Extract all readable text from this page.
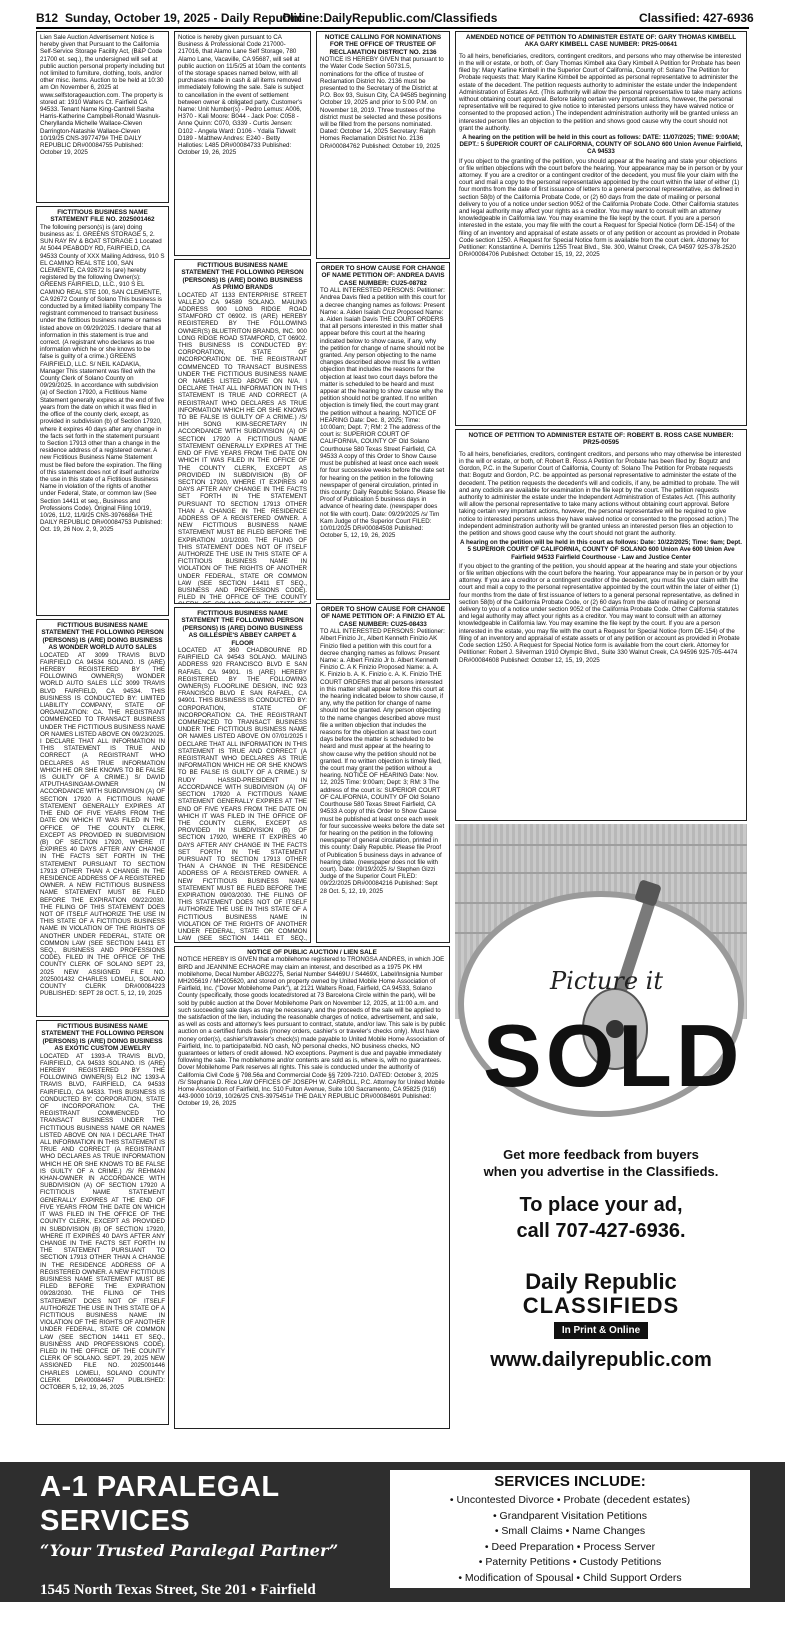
B12 Sunday, October 19, 2025 - Daily Republic
Online:DailyRepublic.com/Classifieds	Classified: 427-6936

Lien Sale Auction Advertisement Notice is hereby given that Pursuant to the California Self-Service Storage Facility Act, (B&P Code 21700 et. seq.), the undersigned will sell at public auction personal property including but not limited to furniture, clothing, tools, and/or other misc. items. Auction to be held at 10:30 am On November 6, 2025 at www.selfstorageauction.com. The property is stored at: 1910 Walters Ct. Fairfield CA 94533. Tenant Name King-Cantrell Sasha Harris-Katherine Campbell-Ronald Wasnuk-Cheryllanda Michelle Wallace-Cleven Darrington-Natashie Wallace-Cleven 10/19/25 CNS-3977479# THE DAILY REPUBLIC DR#00084755 Published: October 19, 2025

FICTITIOUS BUSINESS NAME STATEMENT FILE NO. 2025001462

The following person(s) is (are) doing business as: 1. GREENS STORAGE 5, 2. SUN RAY RV & BOAT STORAGE 1 Located At 5044 PEABODY RD, FAIRFIELD, CA 94533 County of XXX Mailing Address, 910 S EL CAMINO REAL STE 100, SAN CLEMENTE, CA 92672 Is (are) hereby registered by the following Owner(s): GREENS FAIRFIELD, LLC., 910 S EL CAMINO REAL STE 100, SAN CLEMENTE, CA 92672 County of Solano This business is conducted by a limited liability company The registrant commenced to transact business under the fictitious business name or names listed above on 09/29/2025. I declare that all information in this statement is true and correct. (A registrant who declares as true information which he or she knows to be false is guilty of a crime.) GREENS FAIRFIELD, LLC. S/ NEIL KADAKIA, Manager This statement was filed with the County Clerk of Solano County on 09/29/2025. In accordance with subdivision (a) of Section 17920, a Fictitious Name Statement generally expires at the end of five years from the date on which it was filed in the office of the county clerk, except, as provided in subdivision (b) of Section 17920, where it expires 40 days after any change in the facts set forth in the statement pursuant to Section 17913 other than a change in the residence address of a registered owner. A new Fictitious Business Name Statement must be filed before the expiration. The filing of this statement does not of itself authorize the use in this state of a Fictitious Business Name in violation of the rights of another under Federal, State, or common law (See Section 14411 et seq., Business and Professions Code). Original Filing 10/19, 10/26, 11/2, 11/9/25 CNS-3976686# THE DAILY REPUBLIC DR#00084753 Published: Oct. 19, 26 Nov. 2, 9, 2025

FICTITIOUS BUSINESS NAME STATEMENT THE FOLLOWING PERSON (PERSONS) IS (ARE) DOING BUSINESS AS WONDER WORLD AUTO SALES

LOCATED AT 3099 TRAVIS BLVD FAIRFIELD CA 94534 SOLANO. IS (ARE) HEREBY REGISTERED BY THE FOLLOWING OWNER(S) WONDER WORLD AUTO SALES LLC 3099 TRAVIS BLVD FAIRFIELD, CA 94534. THIS BUSINESS IS CONDUCTED BY: LIMITED LIABILITY COMPANY, STATE OF ORGANIZATION: CA. THE REGISTRANT COMMENCED TO TRANSACT BUSINESS UNDER THE FICTITIOUS BUSINESS NAME OR NAMES LISTED ABOVE ON 09/23/2025. I DECLARE THAT ALL INFORMATION IN THIS STATEMENT IS TRUE AND CORRECT (A REGISTRANT WHO DECLARES AS TRUE INFORMATION WHICH HE OR SHE KNOWS TO BE FALSE IS GUILTY OF A CRIME.) S/ DAVID ATPUTHASINGAM-OWNER IN ACCORDANCE WITH SUBDIVISION (A) OF SECTION 17920 A FICTITIOUS NAME STATEMENT GENERALLY EXPIRES AT THE END OF FIVE YEARS FROM THE DATE ON WHICH IT WAS FILED IN THE OFFICE OF THE COUNTY CLERK, EXCEPT AS PROVIDED IN SUBDIVISION (B) OF SECTION 17920, WHERE IT EXPIRES 40 DAYS AFTER ANY CHANGE IN THE FACTS SET FORTH IN THE STATEMENT PURSUANT TO SECTION 17913 OTHER THAN A CHANGE IN THE RESIDENCE ADDRESS OF A REGISTERED OWNER. A NEW FICTITIOUS BUSINESS NAME STATEMENT MUST BE FILED BEFORE THE EXPIRATION 09/22/2030. THE FILING OF THIS STATEMENT DOES NOT OF ITSELF AUTHORIZE THE USE IN THIS STATE OF A FICTITIOUS BUSINESS NAME IN VIOLATION OF THE RIGHTS OF ANOTHER UNDER FEDERAL, STATE OR COMMON LAW (SEE SECTION 14411 ET SEQ., BUSINESS AND PROFESSIONS CODE). FILED IN THE OFFICE OF THE COUNTY CLERK OF SOLANO SEPT 23, 2025 NEW ASSIGNED FILE NO. 2025001432 CHARLES LOMELI, SOLANO COUNTY CLERK DR#00084223 PUBLISHED: SEPT 28 OCT. 5, 12, 19, 2025

FICTITIOUS BUSINESS NAME STATEMENT THE FOLLOWING PERSON (PERSONS) IS (ARE) DOING BUSINESS AS EXOTIC CUSTOM JEWELRY

LOCATED AT 1393-A TRAVIS BLVD, FAIRFIELD, CA 94533 SOLANO. IS (ARE) HEREBY REGISTERED BY THE FOLLOWING OWNER(S) EL2 INC 1393-A TRAVIS BLVD, FAIRFIELD, CA 94533 FAIRFIELD, CA 94533. THIS BUSINESS IS CONDUCTED BY: CORPORATION, STATE OF INCORPORATION: CA. THE REGISTRANT COMMENCED TO TRANSACT BUSINESS UNDER THE FICTITIOUS BUSINESS NAME OR NAMES LISTED ABOVE ON N/A I DECLARE THAT ALL INFORMATION IN THIS STATEMENT IS TRUE AND CORRECT (A REGISTRANT WHO DECLARES AS TRUE INFORMATION WHICH HE OR SHE KNOWS TO BE FALSE IS GUILTY OF A CRIME.) /S/ REHMAN KHAN-OWNER IN ACCORDANCE WITH SUBDIVISION (A) OF SECTION 17920 A FICTITIOUS NAME STATEMENT GENERALLY EXPIRES AT THE END OF FIVE YEARS FROM THE DATE ON WHICH IT WAS FILED IN THE OFFICE OF THE COUNTY CLERK, EXCEPT AS PROVIDED IN SUBDIVISION (B) OF SECTION 17920, WHERE IT EXPIRES 40 DAYS AFTER ANY CHANGE IN THE FACTS SET FORTH IN THE STATEMENT PURSUANT TO SECTION 17913 OTHER THAN A CHANGE IN THE RESIDENCE ADDRESS OF A REGISTERED OWNER. A NEW FICTITIOUS BUSINESS NAME STATEMENT MUST BE FILED BEFORE THE EXPIRATION 09/28/2030. THE FILING OF THIS STATEMENT DOES NOT OF ITSELF AUTHORIZE THE USE IN THIS STATE OF A FICTITIOUS BUSINESS NAME IN VIOLATION OF THE RIGHTS OF ANOTHER UNDER FEDERAL, STATE OR COMMON LAW (SEE SECTION 14411 ET SEQ., BUSINESS AND PROFESSIONS CODE). FILED IN THE OFFICE OF THE COUNTY CLERK OF SOLANO. SEPT. 29, 2025 NEW ASSIGNED FILE NO. 2025001446 CHARLES LOMELI, SOLANO COUNTY CLERK DR#00084457 PUBLISHED: OCTOBER 5, 12, 19, 26, 2025

Notice is hereby given pursuant to CA Business & Professional Code 217000-217016, that Alamo Lane Self Storage, 780 Alamo Lane, Vacaville, CA 95687, will sell at public auction on 11/5/25 at 10am the contents of the storage spaces named below, with all purchases made in cash & all items removed immediately following the sale. Sale is subject to cancellation in the event of settlement between owner & obligated party. Customer's Name: Unit Number(s) - Pedro Lemus: A006, H370 - Kali Moore: B044 - Jack Poe: C058 - Anne Quinn: C070, G339 - Curtis Jensen: D102 - Angela Ward: D106 - Ydalia Tidwell: D189 - Matthew Andres: E240 - Betty Halloties: L485 DR#00084733 Published: October 19, 26, 2025

FICTITIOUS BUSINESS NAME STATEMENT THE FOLLOWING PERSON (PERSONS) IS (ARE) DOING BUSINESS AS PRIMO BRANDS

LOCATED AT 1133 ENTERPRISE STREET VALLEJO CA 94589 SOLANO. MAILING ADDRESS 900 LONG RIDGE ROAD STAMFORD CT 06902. IS (ARE) HEREBY REGISTERED BY THE FOLLOWING OWNER(S) BLUETRITON BRANDS, INC. 900 LONG RIDGE ROAD STAMFORD, CT 06902. THIS BUSINESS IS CONDUCTED BY: CORPORATION, STATE OF INCORPORATION: DE. THE REGISTRANT COMMENCED TO TRANSACT BUSINESS UNDER THE FICTITIOUS BUSINESS NAME OR NAMES LISTED ABOVE ON N/A. I DECLARE THAT ALL INFORMATION IN THIS STATEMENT IS TRUE AND CORRECT (A REGISTRANT WHO DECLARES AS TRUE INFORMATION WHICH HE OR SHE KNOWS TO BE FALSE IS GUILTY OF A CRIME.) /S/ HIH SONG KIM-SECRETARY IN ACCORDANCE WITH SUBDIVISION (A) OF SECTION 17920 A FICTITIOUS NAME STATEMENT GENERALLY EXPIRES AT THE END OF FIVE YEARS FROM THE DATE ON WHICH IT WAS FILED IN THE OFFICE OF THE COUNTY CLERK, EXCEPT AS PROVIDED IN SUBDIVISION (B) OF SECTION 17920, WHERE IT EXPIRES 40 DAYS AFTER ANY CHANGE IN THE FACTS SET FORTH IN THE STATEMENT PURSUANT TO SECTION 17913 OTHER THAN A CHANGE IN THE RESIDENCE ADDRESS OF A REGISTERED OWNER. A NEW FICTITIOUS BUSINESS NAME STATEMENT MUST BE FILED BEFORE THE EXPIRATION 10/1/2030. THE FILING OF THIS STATEMENT DOES NOT OF ITSELF AUTHORIZE THE USE IN THIS STATE OF A FICTITIOUS BUSINESS NAME IN VIOLATION OF THE RIGHTS OF ANOTHER UNDER FEDERAL, STATE OR COMMON LAW (SEE SECTION 14411 ET SEQ., BUSINESS AND PROFESSIONS CODE). FILED IN THE OFFICE OF THE COUNTY

FICTITIOUS BUSINESS NAME STATEMENT THE FOLLOWING PERSON (PERSONS) IS (ARE) DOING BUSINESS AS GILLESPIE'S ABBEY CARPET & FLOOR

LOCATED AT 360 CHADBOURNE RD FAIRFIELD CA 94543 SOLANO. MAILING ADDRESS 920 FRANCISCO BLVD E SAN RAFAEL CA 94901. IS (ARE) HEREBY REGISTERED BY THE FOLLOWING OWNER(S) FLOORLINE DESIGN, INC 923 FRANCISCO BLVD E SAN RAFAEL, CA 94901. THIS BUSINESS IS CONDUCTED BY: CORPORATION, STATE OF INCORPORATION: CA. THE REGISTRANT COMMENCED TO TRANSACT BUSINESS UNDER THE FICTITIOUS BUSINESS NAME OR NAMES LISTED ABOVE ON 07/01/2025 I DECLARE THAT ALL INFORMATION IN THIS STATEMENT IS TRUE AND CORRECT (A REGISTRANT WHO DECLARES AS TRUE INFORMATION WHICH HE OR SHE KNOWS TO BE FALSE IS GUILTY OF A CRIME.) S/ RUDY HASSID-PRESIDENT IN ACCORDANCE WITH SUBDIVISION (A) OF SECTION 17920 A FICTITIOUS NAME STATEMENT GENERALLY EXPIRES AT THE END OF FIVE YEARS FROM THE DATE ON WHICH IT WAS FILED IN THE OFFICE OF THE COUNTY CLERK, EXCEPT AS PROVIDED IN SUBDIVISION (B) OF SECTION 17920, WHERE IT EXPIRES 40 DAYS AFTER ANY CHANGE IN THE FACTS SET FORTH IN THE STATEMENT PURSUANT TO SECTION 17913 OTHER THAN A CHANGE IN THE RESIDENCE ADDRESS OF A REGISTERED OWNER. A NEW FICTITIOUS BUSINESS NAME STATEMENT MUST BE FILED BEFORE THE EXPIRATION 09/03/2030. THE FILING OF THIS STATEMENT DOES NOT OF ITSELF AUTHORIZE THE USE IN THIS STATE OF A FICTITIOUS BUSINESS NAME IN VIOLATION OF THE RIGHTS OF ANOTHER UNDER FEDERAL, STATE OR COMMON LAW (SEE SECTION 14411 ET SEQ.,

NOTICE CALLING FOR NOMINATIONS FOR THE OFFICE OF TRUSTEE OF RECLAMATION DISTRICT NO. 2136

NOTICE IS HEREBY GIVEN that pursuant to the Water Code Section 50731.5, nominations for the office of trustee of Reclamation District No. 2136 must be presented to the Secretary of the District at P.O. Box 93, Suisun City, CA 94585 beginning October 19, 2025 and prior to 5:00 P.M. on November 18, 2019. Three trustees of the district must be selected and these positions will be filled from the persons nominated. Dated: October 14, 2025 Secretary: Ralph Homes Reclamation District No. 2136 DR#00084762 Published: October 19, 2025

ORDER TO SHOW CAUSE FOR CHANGE OF NAME PETITION OF: ANDREA DAVIS CASE NUMBER: CU25-08782

TO ALL INTERESTED PERSONS: Petitioner: Andrea Davis filed a petition with this court for a decree changing names as follows: Present Name: a. Aiden Isaiah Cruz Proposed Name: a. Aiden Isaiah Davis THE COURT ORDERS that all persons interested in this matter shall appear before this court at the hearing indicated below to show cause, if any, why the petition for change of name should not be granted. Any person objecting to the name changes described above must file a written objection that includes the reasons for the objection at least two court days before the matter is scheduled to be heard and must appear at the hearing to show cause why the petition should not be granted. If no written objection is timely filed, the court may grant the petition without a hearing. NOTICE OF HEARING Date: Dec. 8, 2025; Time: 10:00am; Dept. 7; RM: 2 The address of the court is: SUPERIOR COURT OF CALIFORNIA, COUNTY OF Old Solano Courthouse 580 Texas Street Fairfield, CA 94533 A copy of this Order to Show Cause must be published at least once each week for four successive weeks before the date set for hearing on the petition in the following newspaper of general circulation, printed in this county: Daily Republic Solano. Please file Proof of Publication 5 business days in advance of hearing date. (newspaper does not file with court). Date: 09/29/2025 /s/ Tim Kam Judge of the Superior Court FILED: 10/01/2025 DR#00084508 Published: October 5, 12, 19, 26, 2025

ORDER TO SHOW CAUSE FOR CHANGE OF NAME PETITION OF: A FINIZIO ET AL CASE NUMBER: CU25-08433

TO ALL INTERESTED PERSONS: Petitioner: Albert Finizio Jr., Albert Kenneth Finizio AK Finizio filed a petition with this court for a decree changing names as follows: Present Name: a. Albert Finizio Jr b. Albert Kenneth Finizio C. A K Finizio Proposed Name: a. A. K. Finizio b. A. K. Finizio c. A. K. Finizio THE COURT ORDERS that all persons interested in this matter shall appear before this court at the hearing indicated below to show cause, if any, why the petition for change of name should not be granted. Any person objecting to the name changes described above must file a written objection that includes the reasons for the objection at least two court days before the matter is scheduled to be heard and must appear at the hearing to show cause why the petition should not be granted. If no written objection is timely filed, the court may grant the petition without a hearing. NOTICE OF HEARING Date: Nov. 12, 2025 Time: 9:00am; Dept: 3; RM: 3 The address of the court is: SUPERIOR COURT OF CALIFORNIA, COUNTY OF Old Solano Courthouse 580 Texas Street Fairfield, CA 94533 A copy of this Order to Show Cause must be published at least once each week for four successive weeks before the date set for hearing on the petition in the following newspaper of general circulation, printed in this county: Daily Republic. Please file Proof of Publication 5 business days in advance of hearing date. (newspaper does not file with court). Date: 09/19/2025 /s/ Stephen Gizzi Judge of the Superior Court FILED: 09/22/2025 DR#00084216 Published: Sept 28 Oct. 5, 12, 19, 2025

NOTICE OF PUBLIC AUCTION / LIEN SALE

NOTICE HEREBY IS GIVEN that a mobilehome registered to TRONGSA ANDRES, in which JOE BIRD and JEANNINE ECHAORE may claim an interest, and described as a 1975 PK HM mobilehome, Decal Number ABG2275, Serial Number S4469U / S4469X, Label/Insignia Number MH205619 / MH205620, and stored on property owned by United Mobile Home Association of Fairfield, Inc. ("Dover Mobilehome Park"), at 2121 Walters Road, Fairfield, CA 94533, Solano County (specifically, those goods located/stored at 73 Barcelona Circle within the park), will be sold by public auction at the Dover Mobilehome Park on November 12, 2025, at 11:00 a.m. and such succeeding sale days as may be necessary, and the proceeds of the sale will be applied to the satisfaction of the lien, including the reasonable charges of notice, advertisement, and sale, as well as costs and attorney's fees pursuant to contract, statute, and/or law. This sale is by public auction on a certified funds basis (money orders, cashier's or traveler's checks only). Must have money order(s), cashier's/traveler's check(s) made payable to United Mobile Home Association of Fairfield, Inc. to participate/bid. NO cash, NO personal checks, NO business checks, NO guarantees or letters of credit allowed. NO exceptions. Payment is due and payable immediately following the sale. The mobilehome and/or contents are sold as is, where is, with no guarantees. Dover Mobilehome Park reserves all rights. This sale is conducted under the authority of California Civil Code § 798.56a and Commercial Code §§ 7209-7210. DATED: October 3, 2025 /S/ Stephanie D. Rice LAW OFFICES OF JOSEPH W. CARROLL, P.C. Attorney for United Mobile Home Association of Fairfield, Inc. 510 Fulton Avenue, Suite 100 Sacramento, CA 95825 (916) 443-9000 10/19, 10/26/25 CNS-3975451# THE DAILY REPUBLIC DR#00084691 Published: October 19, 26, 2025

AMENDED NOTICE OF PETITION TO ADMINISTER ESTATE OF: GARY THOMAS KIMBELL AKA GARY KIMBELL CASE NUMBER: PR25-00641

To all heirs, beneficiaries, creditors, contingent creditors, and persons who may otherwise be interested in the will or estate, or both, of: Gary Thomas Kimbell aka Gary Kimbell A Petition for Probate has been filed by: Mary Karline Kimbell in the Superior Court of California, County of: Solano The Petition for Probate requests that: Mary Karline Kimbell be appointed as personal representative to administer the estate of the decedent. The petition requests authority to administer the estate under the Independent Administration of Estates Act. (This authority will allow the personal representative to take many actions without obtaining court approval. Before taking certain very important actions, however, the personal representative will be required to give notice to interested persons unless they have waived notice or consented to the proposed action.) The independent administration authority will be granted unless an interested person files an objection to the petition and shows good cause why the court should not grant the authority.

A hearing on the petition will be held in this court as follows: DATE: 11/07/2025; TIME: 9:00AM; DEPT.: 5 SUPERIOR COURT OF CALIFORNIA, COUNTY OF SOLANO 600 Union Avenue Fairfield, CA 94533

If you object to the granting of the petition, you should appear at the hearing and state your objections or file written objections with the court before the hearing. Your appearance may be in person or by your attorney. If you are a creditor or a contingent creditor of the decedent, you must file your claim with the court and mail a copy to the personal representative appointed by the court within the later of either (1) four months from the date of first issuance of letters to a general personal representative, as defined in section 58(b) of the California Probate Code, or (2) 60 days from the date of mailing or personal delivery to you of a notice under section 9052 of the California Probate Code. Other California statutes and legal authority may affect your rights as a creditor. You may want to consult with an attorney knowledgeable in California law. You may examine the file kept by the court. If you are a person interested in the estate, you may file with the court a Request for Special Notice (form DE-154) of the filing of an inventory and appraisal of estate assets or of any petition or account as provided in Probate Code section 1250. A Request for Special Notice form is available from the court clerk. Attorney for Petitioner: Konstantine A. Demiris 1255 Treat Blvd., Ste. 300, Walnut Creek, CA 94597 925-378-2520 DR#00084706 Published: October 15, 19, 22, 2025

NOTICE OF PETITION TO ADMINISTER ESTATE OF: ROBERT B. ROSS CASE NUMBER: PR25-00595

To all heirs, beneficiaries, creditors, contingent creditors, and persons who may otherwise be interested in the will or estate, or both, of: Robert B. Ross A Petition for Probate has been filed by: Bogutz and Gordon, P.C. in the Superior Court of California, County of: Solano The Petition for Probate requests that: Bogutz and Gordon, P.C. be appointed as personal representative to administer the estate of the decedent. The petition requests the decedent's will and codicils, if any, be admitted to probate. The will and any codicils are available for examination in the file kept by the court. The petition requests authority to administer the estate under the Independent Administration of Estates Act. (This authority will allow the personal representative to take many actions without obtaining court approval. Before taking certain very important actions, however, the personal representative will be required to give notice to interested persons unless they have waived notice or consented to the proposed action.) The independent administration authority will be granted unless an interested person files an objection to the petition and shows good cause why the court should not grant the authority.

A hearing on the petition will be held in this court as follows: Date: 10/22/2025; Time: 9am; Dept. 5 SUPERIOR COURT OF CALIFORNIA, COUNTY OF SOLANO 600 Union Ave 600 Union Ave Fairfield 94533 Fairfield Courthouse - Law and Justice Center

If you object to the granting of the petition, you should appear at the hearing and state your objections or file written objections with the court before the hearing. Your appearance may be in person or by your attorney. If you are a creditor or a contingent creditor of the decedent, you must file your claim with the court and mail a copy to the personal representative appointed by the court within the later of either (1) four months from the date of first issuance of letters to a general personal representative, as defined in section 58(b) of the California Probate Code, or (2) 60 days from the date of mailing or personal delivery to you of a notice under section 9052 of the California Probate Code. Other California statutes and legal authority may affect your rights as a creditor. You may want to consult with an attorney knowledgeable in California law. You may examine the file kept by the court. If you are a person interested in the estate, you may file with the court a Request for Special Notice (form DE-154) of the filing of an inventory and appraisal of estate assets or of any petition or account as provided in Probate Code section 1250. A Request for Special Notice form is available from the court clerk. Attorney for Petitioner: Robert J. Silverman 1910 Olympic Blvd., Suite 330 Walnut Creek, CA 94596 925-705-4474 DR#00084608 Published: October 12, 15, 19, 2025

Picture it
SOLD
Get more feedback from buyers
when you advertise in the Classifieds.
To place your ad,
call 707-427-6936.
Daily Republic
CLASSIFIEDS
In Print & Online
www.dailyrepublic.com
A-1 PARALEGAL SERVICES
“Your Trusted Paralegal Partner”
1545 North Texas Street, Ste 201 • Fairfield
Call (707) 724-0840
SERVICES INCLUDE:
• Uncontested Divorce • Probate (decedent estates)
• Grandparent Visitation Petitions
• Small Claims • Name Changes
• Deed Preparation • Process Server
• Paternity Petitions • Custody Petitions
• Modification of Spousal • Child Support Orders
